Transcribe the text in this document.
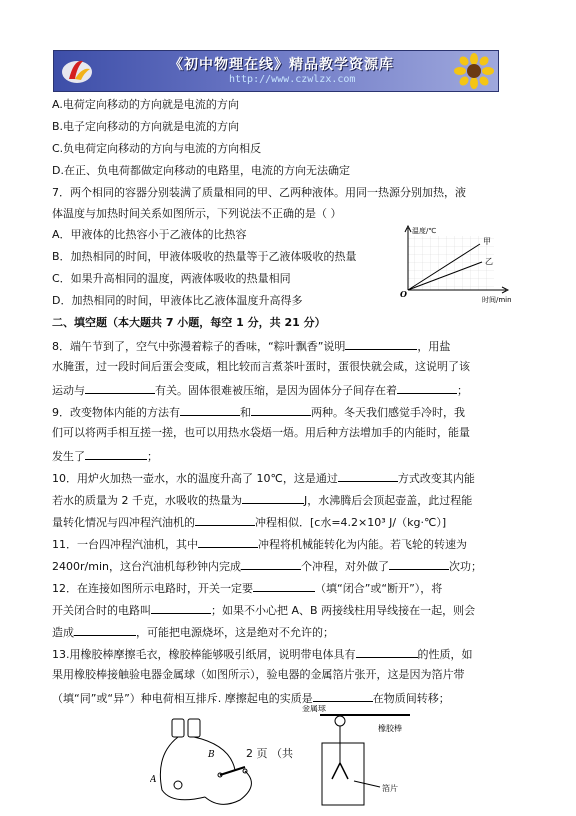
《初中物理在线》精品教学资源库
http://www.czwlzx.com
A.电荷定向移动的方向就是电流的方向
B.电子定向移动的方向就是电流的方向
C.负电荷定向移动的方向与电流的方向相反
D.在正、负电荷都做定向移动的电路里，电流的方向无法确定
7．两个相同的容器分别装满了质量相同的甲、乙两种液体。用同一热源分别加热，液
体温度与加热时间关系如图所示，下列说法不正确的是（ ）
A．甲液体的比热容小于乙液体的比热容
B．加热相同的时间，甲液体吸收的热量等于乙液体吸收的热量
C．如果升高相同的温度，两液体吸收的热量相同
D．加热相同的时间，甲液体比乙液体温度升高得多
二、填空题（本大题共 7 小题，每空 1 分，共 21 分）
8．端午节到了，空气中弥漫着粽子的香味，“粽叶飘香”说明	，用盐
水腌蛋，过一段时间后蛋会变咸，粗比较而言煮茶叶蛋时，蛋很快就会咸，这说明了该
运动与	有关。固体很难被压缩，是因为固体分子间存在着	；
9．改变物体内能的方法有	和	两种。冬天我们感觉手冷时，我
们可以将两手相互搓一搓，也可以用热水袋焐一焐。用后种方法增加手的内能时，能量
发生了	；
10．用炉火加热一壶水，水的温度升高了 10℃，这是通过	方式改变其内能
若水的质量为 2 千克，水吸收的热量为	J，水沸腾后会顶起壶盖，此过程能
量转化情况与四冲程汽油机的	冲程相似．[c水=4.2×10³ J/（kg·℃）]
11．一台四冲程汽油机，其中	冲程将机械能转化为内能。若飞轮的转速为
2400r/min，这台汽油机每秒钟内完成	个冲程，对外做了	次功；
12．在连接如图所示电路时，开关一定要	（填“闭合”或“断开”），将
开关闭合时的电路叫	；如果不小心把 A、B 两接线柱用导线接在一起，则会
造成	，可能把电源烧坏，这是绝对不允许的；
13.用橡胶棒摩擦毛衣，橡胶棒能够吸引纸屑，说明带电体具有	的性质，如
果用橡胶棒接触验电器金属球（如图所示），验电器的金属箔片张开，这是因为箔片带
（填“同”或“异”）种电荷相互排斥. 摩擦起电的实质是	在物质间转移；
温度/℃
时间/min
O
甲
乙
B
A
金属球
橡胶棒
箔片
2 页 （共
